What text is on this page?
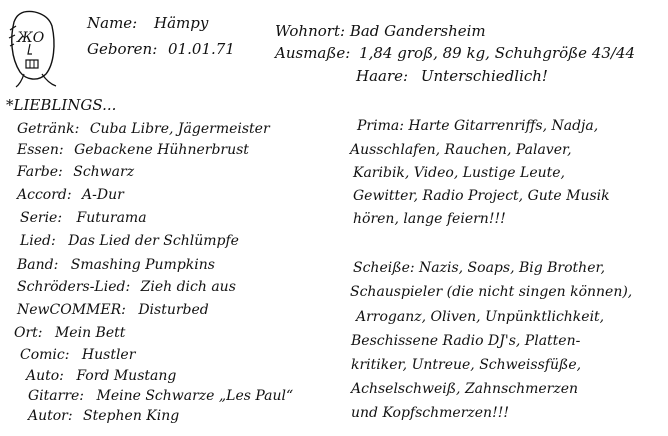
ЖO
Name: Hämpy
Geboren: 01.01.71
Wohnort: Bad Gandersheim
Ausmaße: 1,84 groß, 89 kg, Schuhgröße 43/44
Haare: Unterschiedlich!
*LIEBLINGS...
Getränk: Cuba Libre, Jägermeister
Essen: Gebackene Hühnerbrust
Farbe: Schwarz
Accord: A-Dur
Serie: Futurama
Lied: Das Lied der Schlümpfe
Band: Smashing Pumpkins
Schröders-Lied: Zieh dich aus
NewCOMMER: Disturbed
Ort: Mein Bett
Comic: Hustler
Auto: Ford Mustang
Gitarre: Meine Schwarze „Les Paul“
Autor: Stephen King
Prima: Harte Gitarrenriffs, Nadja,
Ausschlafen, Rauchen, Palaver,
Karibik, Video, Lustige Leute,
Gewitter, Radio Project, Gute Musik
hören, lange feiern!!!
Scheiße: Nazis, Soaps, Big Brother,
Schauspieler (die nicht singen können),
Arroganz, Oliven, Unpünktlichkeit,
Beschissene Radio DJ's, Platten-
kritiker, Untreue, Schweissfüße,
Achselschweiß, Zahnschmerzen
und Kopfschmerzen!!!
